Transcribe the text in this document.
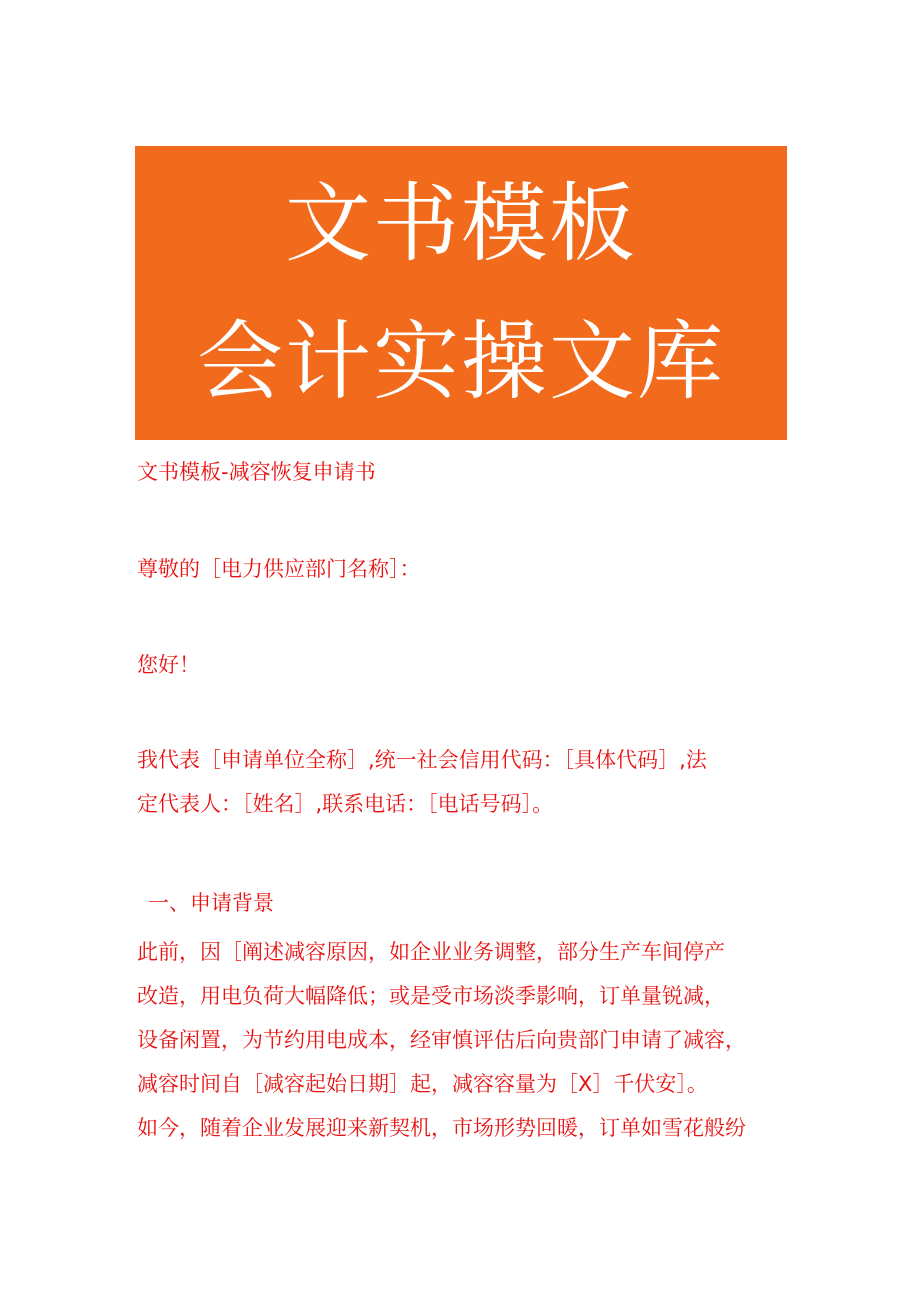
文书模板
会计实操文库

文书模板-减容恢复申请书

尊敬的［电力供应部门名称］：

您好！

我代表［申请单位全称］,统一社会信用代码：［具体代码］,法
定代表人：［姓名］,联系电话：［电话号码］。

一、申请背景

此前，因［阐述减容原因，如企业业务调整，部分生产车间停产
改造，用电负荷大幅降低；或是受市场淡季影响，订单量锐减，
设备闲置，为节约用电成本，经审慎评估后向贵部门申请了减容，
减容时间自［减容起始日期］起，减容容量为［X］千伏安］。
如今，随着企业发展迎来新契机，市场形势回暖，订单如雪花般纷
